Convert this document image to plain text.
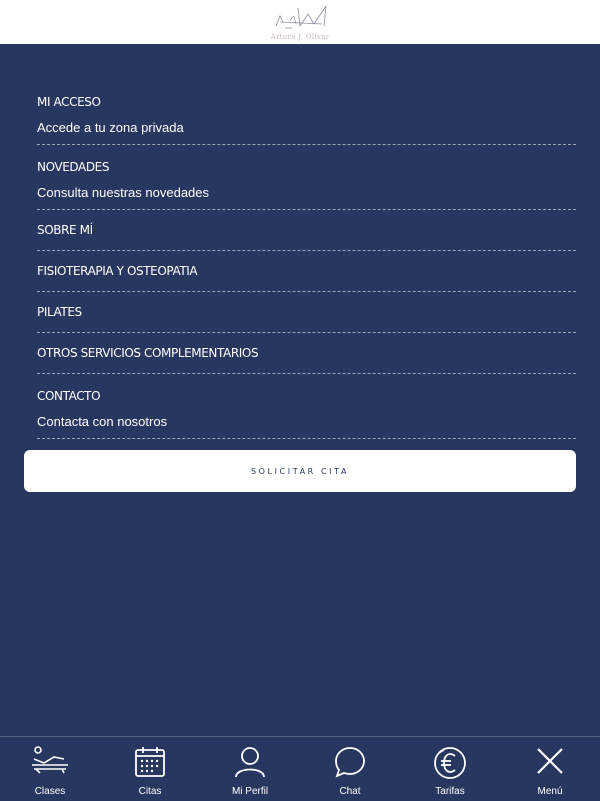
Arturo J. Olivar
MI ACCESO
Accede a tu zona privada
NOVEDADES
Consulta nuestras novedades
SOBRE MÍ
FISIOTERAPIA Y OSTEOPATIA
PILATES
OTROS SERVICIOS COMPLEMENTARIOS
CONTACTO
Contacta con nosotros
SOLICITAR CITA
Clases	Citas	Mi Perfil	Chat	Tarifas	Menú
